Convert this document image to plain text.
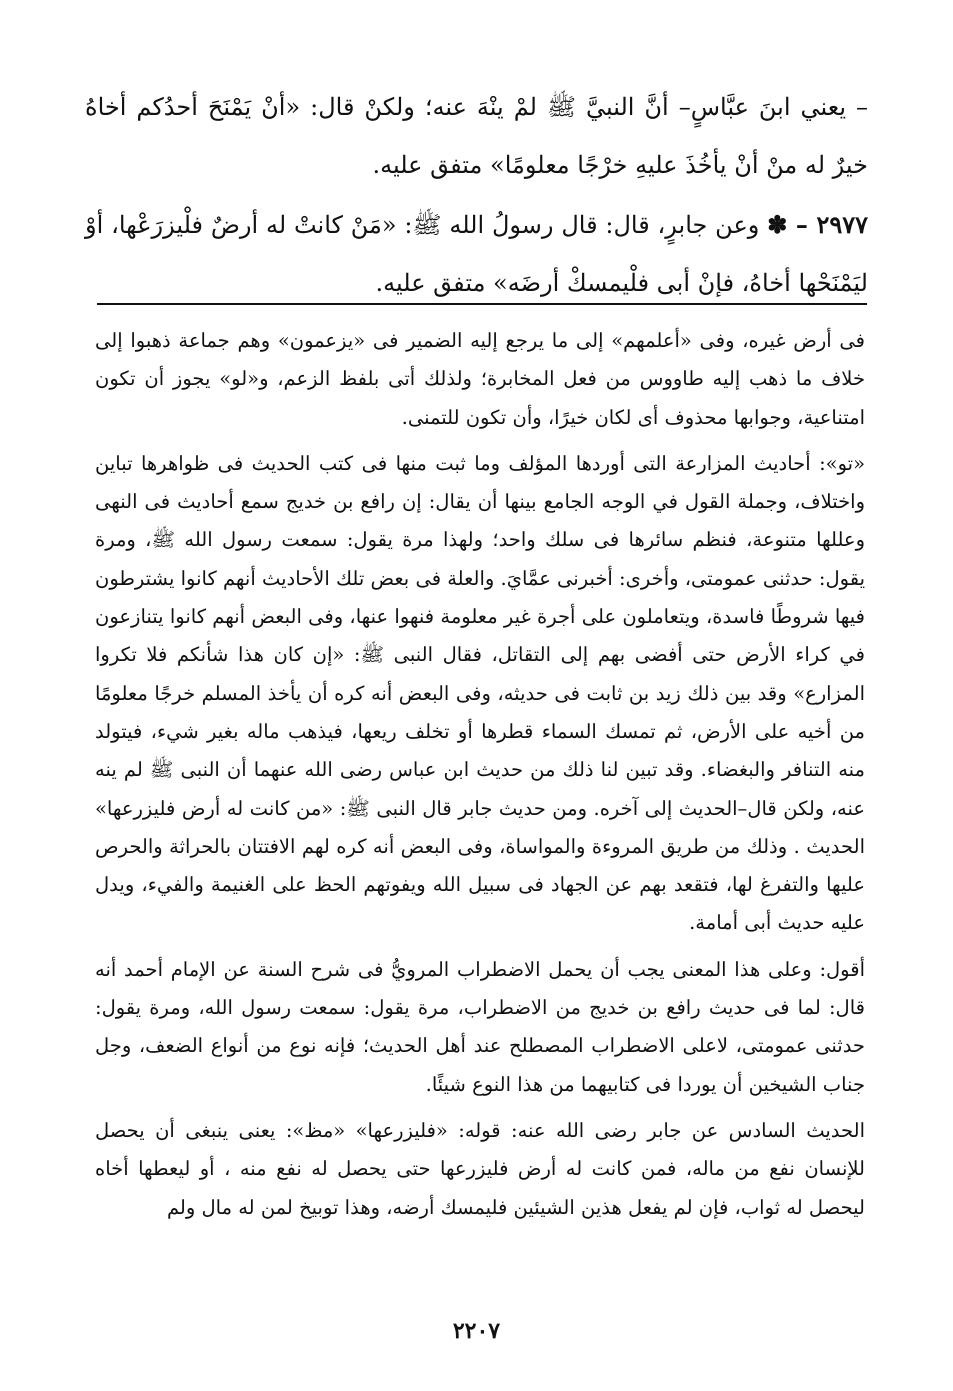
– يعني ابنَ عبَّاسٍ– أنَّ النبيَّ ﷺ لمْ ينْهَ عنه؛ ولكنْ قال: «أنْ يَمْنَحَ أحدُكم أخاهُ خيرٌ له منْ أنْ يأخُذَ عليهِ خرْجًا معلومًا» متفق عليه.

٢٩٧٧ – ✽ وعن جابرٍ، قال: قال رسولُ الله ﷺ: «مَنْ كانتْ له أرضٌ فلْيزرَعْها، أوْ ليَمْنَحْها أخاهُ، فإنْ أبى فلْيمسكْ أرضَه» متفق عليه.

فى أرض غيره، وفى «أعلمهم» إلى ما يرجع إليه الضمير فى «يزعمون» وهم جماعة ذهبوا إلى خلاف ما ذهب إليه طاووس من فعل المخابرة؛ ولذلك أتى بلفظ الزعم، و«لو» يجوز أن تكون امتناعية، وجوابها محذوف أى لكان خيرًا، وأن تكون للتمنى.

«تو»: أحاديث المزارعة التى أوردها المؤلف وما ثبت منها فى كتب الحديث فى ظواهرها تباين واختلاف، وجملة القول في الوجه الجامع بينها أن يقال: إن رافع بن خديج سمع أحاديث فى النهى وعللها متنوعة، فنظم سائرها فى سلك واحد؛ ولهذا مرة يقول: سمعت رسول الله ﷺ، ومرة يقول: حدثنى عمومتى، وأخرى: أخبرنى عمَّايَ. والعلة فى بعض تلك الأحاديث أنهم كانوا يشترطون فيها شروطًا فاسدة، ويتعاملون على أجرة غير معلومة فنهوا عنها، وفى البعض أنهم كانوا يتنازعون في كراء الأرض حتى أفضى بهم إلى التقاتل، فقال النبى ﷺ: «إن كان هذا شأنكم فلا تكروا المزارع» وقد بين ذلك زيد بن ثابت فى حديثه، وفى البعض أنه كره أن يأخذ المسلم خرجًا معلومًا من أخيه على الأرض، ثم تمسك السماء قطرها أو تخلف ريعها، فيذهب ماله بغير شيء، فيتولد منه التنافر والبغضاء. وقد تبين لنا ذلك من حديث ابن عباس رضى الله عنهما أن النبى ﷺ لم ينه عنه، ولكن قال–الحديث إلى آخره. ومن حديث جابر قال النبى ﷺ: «من كانت له أرض فليزرعها» الحديث . وذلك من طريق المروءة والمواساة، وفى البعض أنه كره لهم الافتتان بالحراثة والحرص عليها والتفرغ لها، فتقعد بهم عن الجهاد فى سبيل الله ويفوتهم الحظ على الغنيمة والفيء، ويدل عليه حديث أبى أمامة.

أقول: وعلى هذا المعنى يجب أن يحمل الاضطراب المرويُّ فى شرح السنة عن الإمام أحمد أنه قال: لما فى حديث رافع بن خديج من الاضطراب، مرة يقول: سمعت رسول الله، ومرة يقول: حدثنى عمومتى، لاعلى الاضطراب المصطلح عند أهل الحديث؛ فإنه نوع من أنواع الضعف، وجل جناب الشيخين أن يوردا فى كتابيهما من هذا النوع شيئًا.

الحديث السادس عن جابر رضى الله عنه: قوله: «فليزرعها» «مظ»: يعنى ينبغى أن يحصل للإنسان نفع من ماله، فمن كانت له أرض فليزرعها حتى يحصل له نفع منه ، أو ليعطها أخاه ليحصل له ثواب، فإن لم يفعل هذين الشيئين فليمسك أرضه، وهذا توبيخ لمن له مال ولم

٢٢٠٧
